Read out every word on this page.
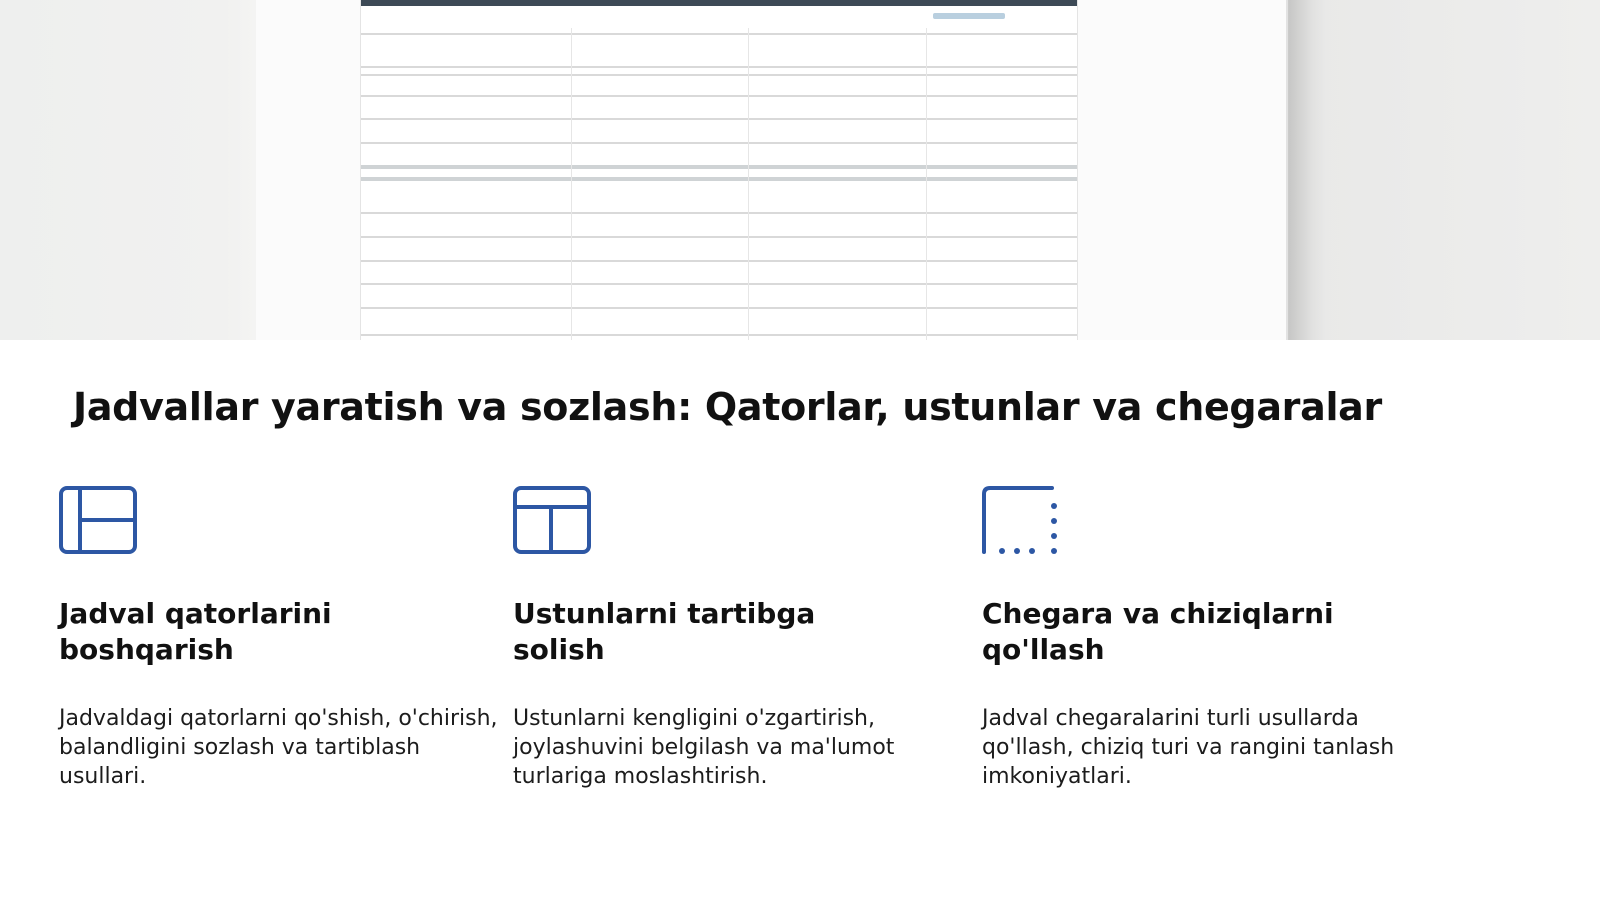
Jadvallar yaratish va sozlash: Qatorlar, ustunlar va chegaralar
Jadval qatorlarini boshqarish

Jadvaldagi qatorlarni qo'shish, o'chirish, balandligini sozlash va tartiblash usullari.

Ustunlarni tartibga solish

Ustunlarni kengligini o'zgartirish, joylashuvini belgilash va ma'lumot turlariga moslashtirish.

Chegara va chiziqlarni qo'llash

Jadval chegaralarini turli usullarda qo'llash, chiziq turi va rangini tanlash imkoniyatlari.
